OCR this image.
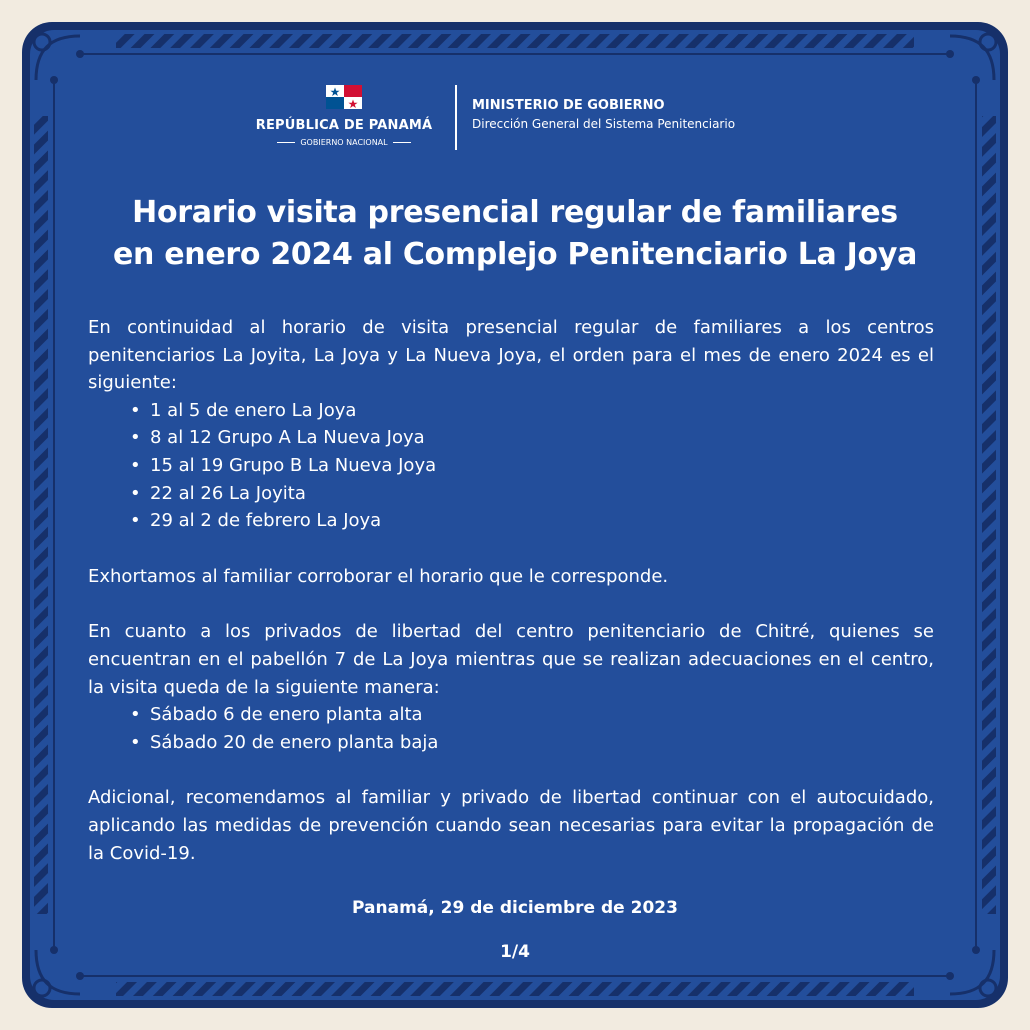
REPÚBLICA DE PANAMÁ
GOBIERNO NACIONAL
MINISTERIO DE GOBIERNO
Dirección General del Sistema Penitenciario
Horario visita presencial regular de familiares
en enero 2024 al Complejo Penitenciario La Joya

En continuidad al horario de visita presencial regular de familiares a los centros penitenciarios La Joyita, La Joya y La Nueva Joya, el orden para el mes de enero 2024 es el siguiente:

• 1 al 5 de enero La Joya
• 8 al 12 Grupo A La Nueva Joya
• 15 al 19 Grupo B La Nueva Joya
• 22 al 26 La Joyita
• 29 al 2 de febrero La Joya

Exhortamos al familiar corroborar el horario que le corresponde.

En cuanto a los privados de libertad del centro penitenciario de Chitré, quienes se encuentran en el pabellón 7 de La Joya mientras que se realizan adecuaciones en el centro, la visita queda de la siguiente manera:

• Sábado 6 de enero planta alta
• Sábado 20 de enero planta baja

Adicional, recomendamos al familiar y privado de libertad continuar con el autocuidado, aplicando las medidas de prevención cuando sean necesarias para evitar la propagación de la Covid-19.

Panamá, 29 de diciembre de 2023
1/4
